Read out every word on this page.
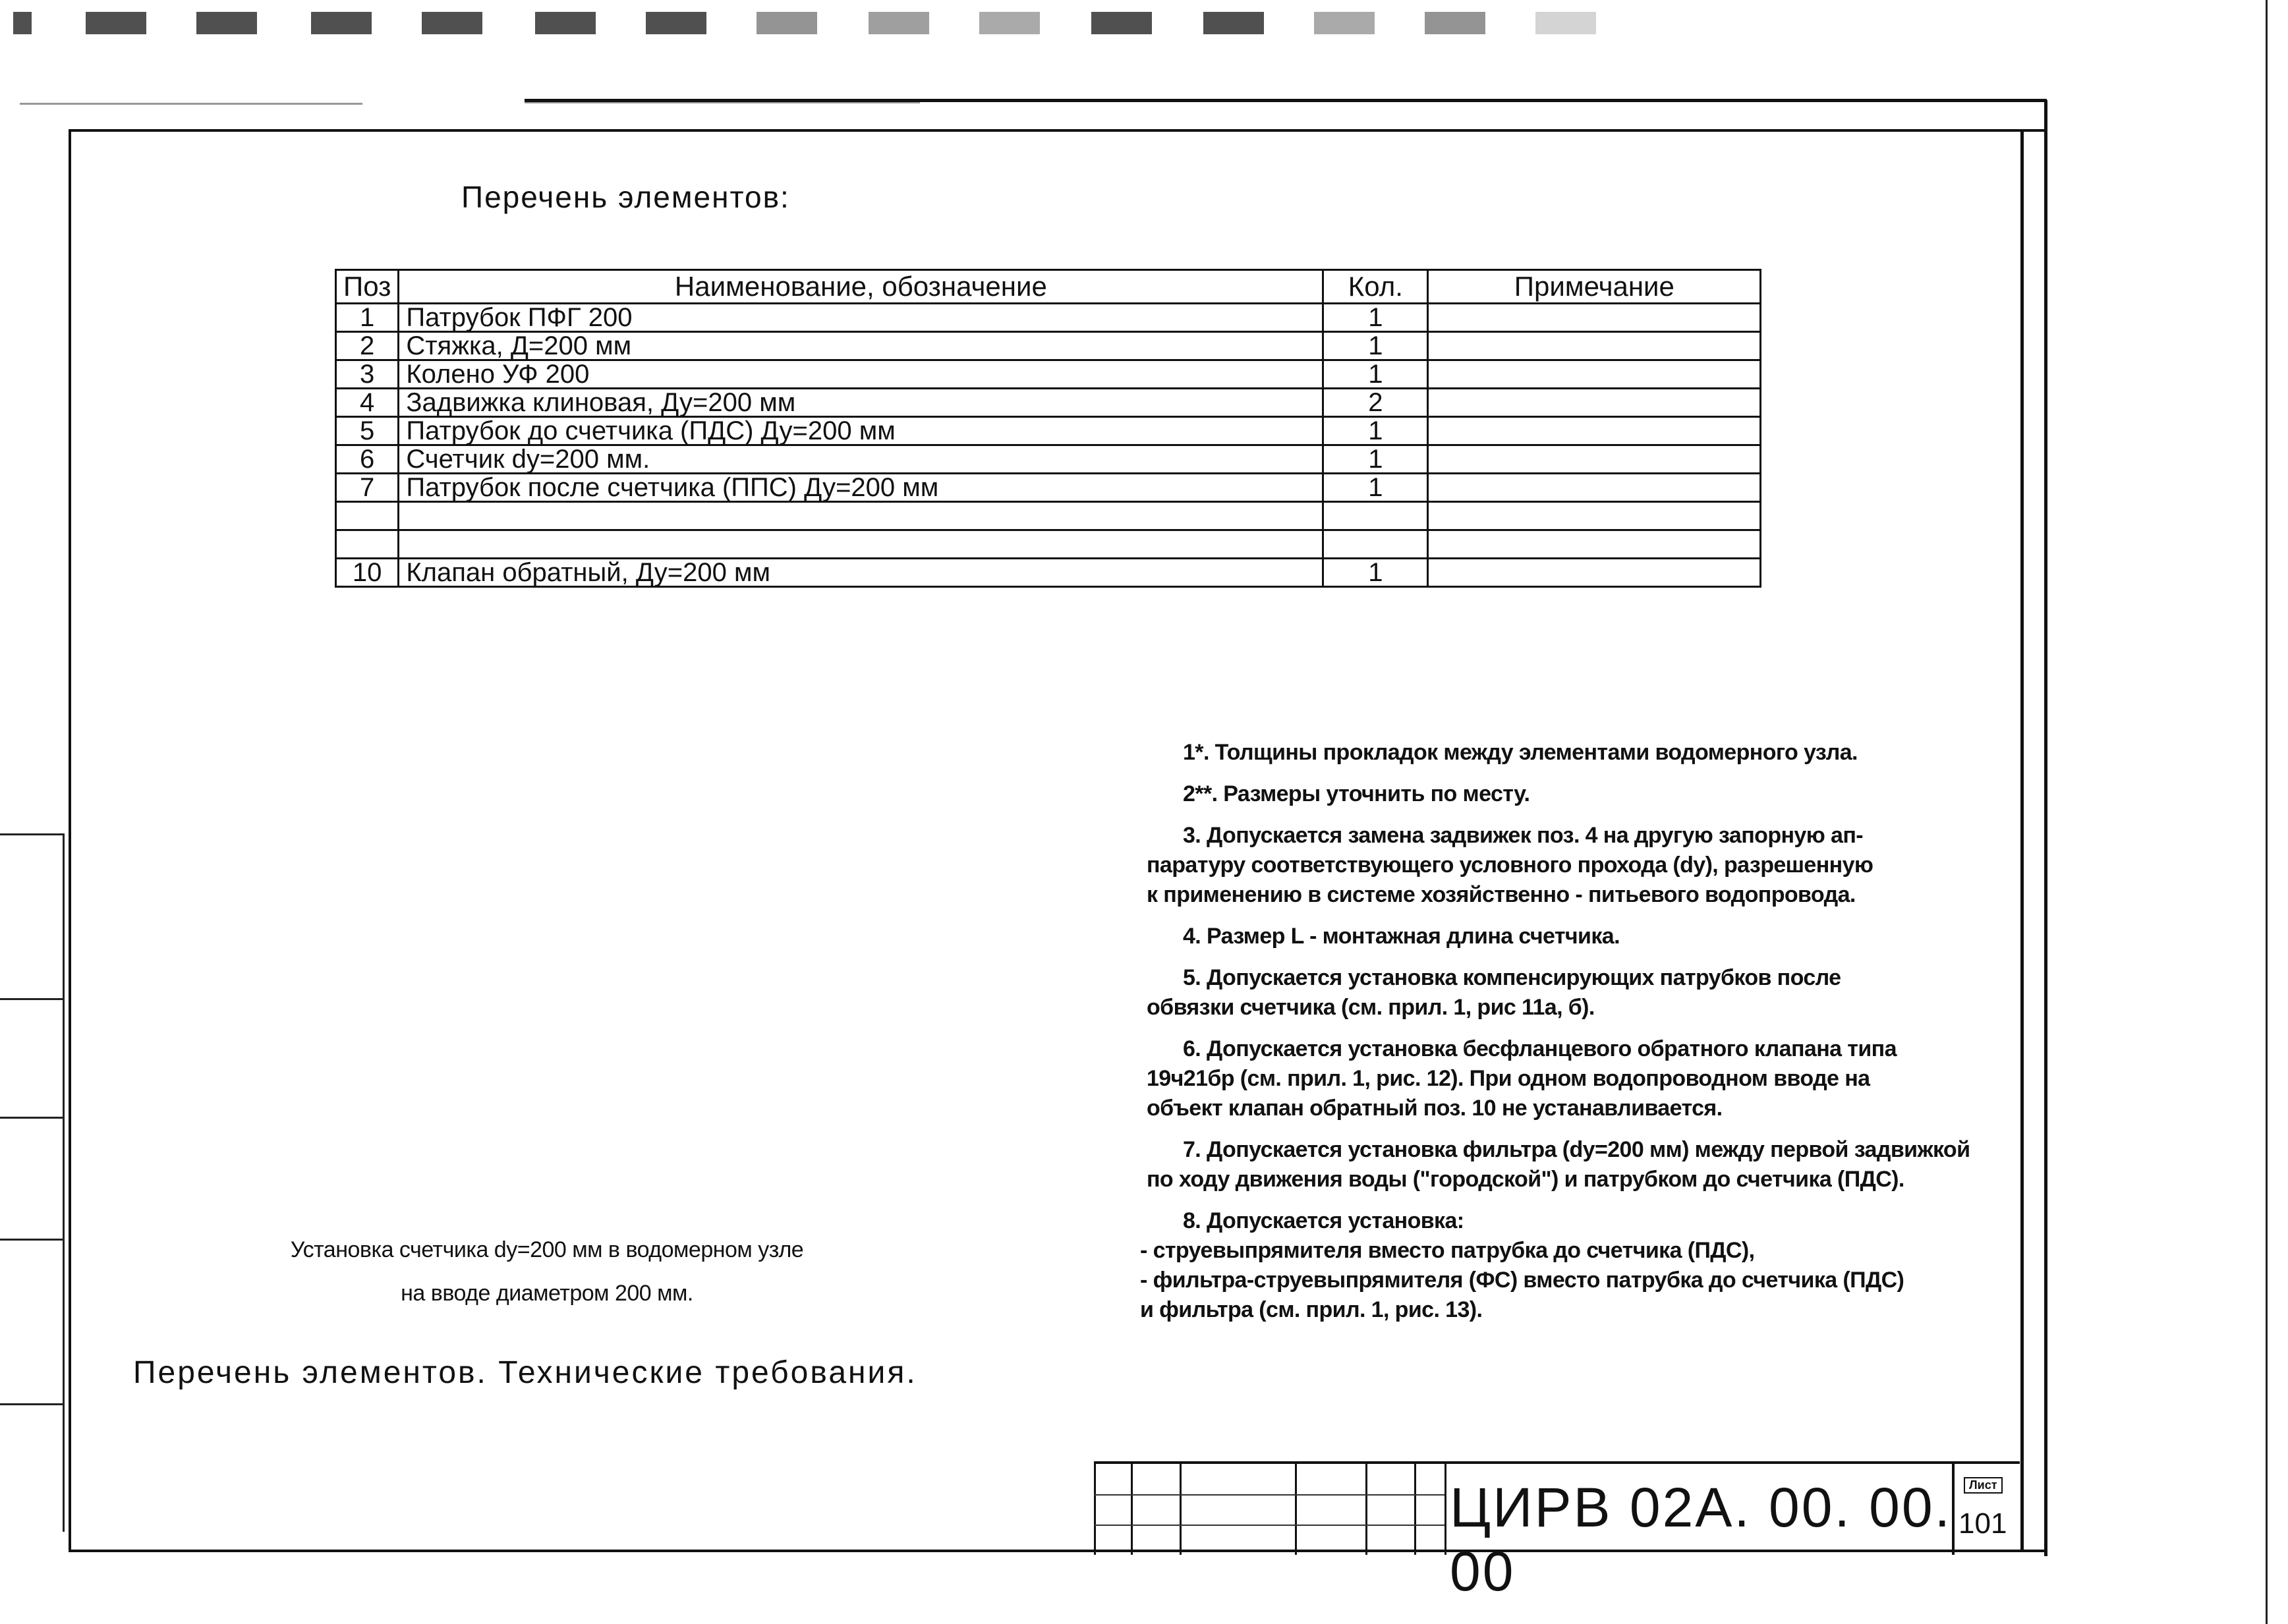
Перечень элементов:
Поз	Наименование, обозначение	Кол.	Примечание
1	Патрубок ПФГ 200	1	
2	Стяжка, Д=200 мм	1	
3	Колено УФ 200	1	
4	Задвижка клиновая, Ду=200 мм	2	
5	Патрубок до счетчика (ПДС) Ду=200 мм	1	
6	Счетчик dy=200 мм.	1	
7	Патрубок после счетчика (ППС) Ду=200 мм	1	

10	Клапан обратный, Ду=200 мм	1	
1*. Толщины прокладок между элементами водомерного узла.
2**. Размеры уточнить по месту.
3. Допускается замена задвижек поз. 4 на другую запорную ап-
паратуру соответствующего условного прохода (dy), разрешенную
к применению в системе хозяйственно - питьевого водопровода.
4. Размер L - монтажная длина счетчика.
5. Допускается установка компенсирующих патрубков после
обвязки счетчика (см. прил. 1, рис 11а, б).
6. Допускается установка бесфланцевого обратного клапана типа
19ч21бр (см. прил. 1, рис. 12). При одном водопроводном вводе на
объект клапан обратный поз. 10 не устанавливается.
7. Допускается установка фильтра (dy=200 мм) между первой задвижкой
по ходу движения воды ("городской") и патрубком до счетчика (ПДС).
8. Допускается установка:
- струевыпрямителя вместо патрубка до счетчика (ПДС),
- фильтра-струевыпрямителя (ФС) вместо патрубка до счетчика (ПДС)
и фильтра (см. прил. 1, рис. 13).
Установка счетчика dy=200 мм в водомерном узле
на вводе диаметром 200 мм.
Перечень элементов. Технические требования.
ЦИРВ 02А. 00. 00. 00
Лист
101
